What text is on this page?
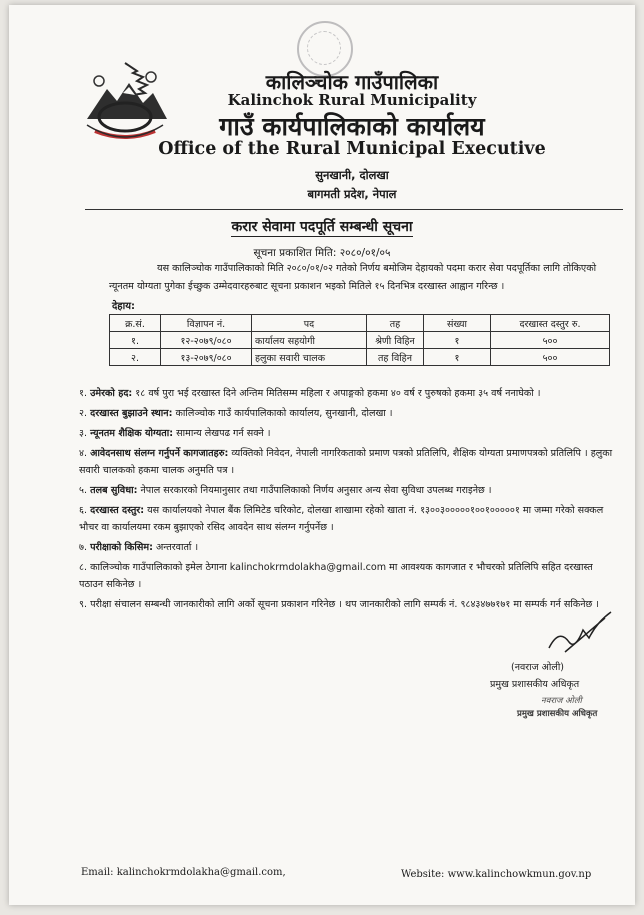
कालिञ्चोक गाउँपालिका
Kalinchok Rural Municipality
गाउँ कार्यपालिकाको कार्यालय
Office of the Rural Municipal Executive
सुनखानी, दोलखा
बागमती प्रदेश, नेपाल
करार सेवामा पदपूर्ति सम्बन्धी सूचना
सूचना प्रकाशित मिति: २०८०/०१/०५
यस कालिञ्चोक गाउँपालिकाको मिति २०८०/०१/०२ गतेको निर्णय बमोजिम देहायको पदमा करार सेवा पदपूर्तिका लागि तोकिएको न्यूनतम योग्यता पुगेका ईच्छुक उम्मेदवारहरुबाट सूचना प्रकाशन भइको मितिले १५ दिनभित्र दरखास्त आह्वान गरिन्छ ।
देहाय:
क्र.सं.	विज्ञापन नं.	पद	तह	संख्या	दरखास्त दस्तुर रु.
१.	१२-२०७९/०८०	कार्यालय सहयोगी	श्रेणी विहिन	१	५००
२.	१३-२०७९/०८०	हलुका सवारी चालक	तह विहिन	१	५००
१. उमेरको हद: १८ वर्ष पुरा भई दरखास्त दिने अन्तिम मितिसम्म महिला र अपाङ्गको हकमा ४० वर्ष र पुरुषको हकमा ३५ वर्ष ननाघेको ।
२. दरखास्त बुझाउने स्थान: कालिञ्चोक गाउँ कार्यपालिकाको कार्यालय, सुनखानी, दोलखा ।
३. न्यूनतम शैक्षिक योग्यता: सामान्य लेखपढ गर्न सक्ने ।
४. आवेदनसाथ संलग्न गर्नुपर्ने कागजातहरु: व्यक्तिको निवेदन, नेपाली नागरिकताको प्रमाण पत्रको प्रतिलिपि, शैक्षिक योग्यता प्रमाणपत्रको प्रतिलिपि । हलुका सवारी चालकको हकमा चालक अनुमति पत्र ।
५. तलब सुविधा: नेपाल सरकारको नियमानुसार तथा गाउँपालिकाको निर्णय अनुसार अन्य सेवा सुविधा उपलब्ध गराइनेछ ।
६. दरखास्त दस्तुर: यस कार्यालयको नेपाल बैंक लिमिटेड चरिकोट, दोलखा शाखामा रहेको खाता नं. १३००३०००००१००१०००००१ मा जम्मा गरेको सक्कल भौचर वा कार्यालयमा रकम बुझाएको रसिद आवदेन साथ संलग्न गर्नुपर्नेछ ।
७. परीक्षाको किसिम: अन्तरवार्ता ।
८. कालिञ्चोक गाउँपालिकाको इमेल ठेगाना kalinchokrmdolakha@gmail.com मा आवश्यक कागजात र भौचरको प्रतिलिपि सहित दरखास्त पठाउन सकिनेछ ।
९. परीक्षा संचालन सम्बन्धी जानकारीको लागि अर्को सूचना प्रकाशन गरिनेछ । थप जानकारीको लागि सम्पर्क नं. ९८४३४७७१७१ मा सम्पर्क गर्न सकिनेछ ।
(नवराज ओली)
प्रमुख प्रशासकीय अधिकृत
नवराज ओली
प्रमुख प्रशासकीय अधिकृत
Email: kalinchokrmdolakha@gmail.com,	Website: www.kalinchowkmun.gov.np
